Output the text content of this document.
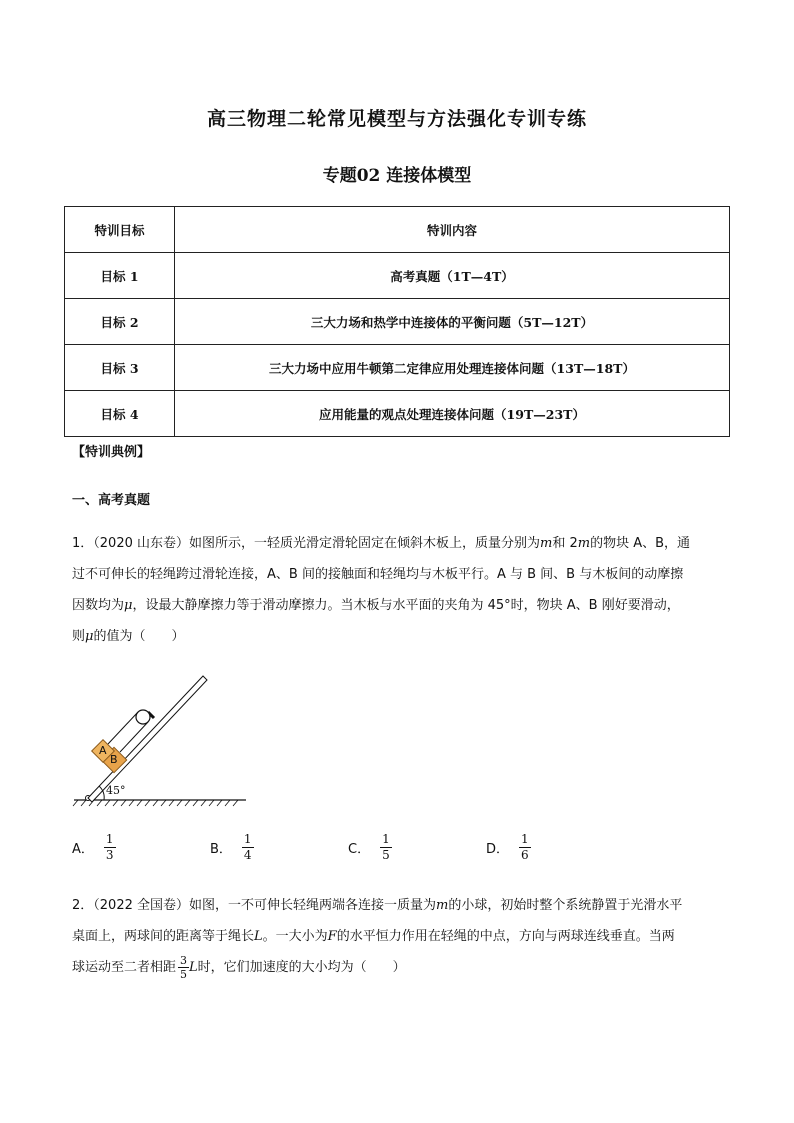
高三物理二轮常见模型与方法强化专训专练
专题02 连接体模型
特训目标	特训内容
目标 1	高考真题（1T—4T）
目标 2	三大力场和热学中连接体的平衡问题（5T—12T）
目标 3	三大力场中应用牛顿第二定律应用处理连接体问题（13T—18T）
目标 4	应用能量的观点处理连接体问题（19T—23T）
【特训典例】
一、高考真题
1．（2020 山东卷）如图所示，一轻质光滑定滑轮固定在倾斜木板上，质量分别为m和 2m的物块 A、B，通
过不可伸长的轻绳跨过滑轮连接，A、B 间的接触面和轻绳均与木板平行。A 与 B 间、B 与木板间的动摩擦
因数均为μ，设最大静摩擦力等于滑动摩擦力。当木板与水平面的夹角为 45°时，物块 A、B 刚好要滑动，
则μ的值为（　　）
A
B
45°
A． $\frac{1}{3}$	B． $\frac{1}{4}$	C． $\frac{1}{5}$	D． $\frac{1}{6}$
2．（2022 全国卷）如图，一不可伸长轻绳两端各连接一质量为m的小球，初始时整个系统静置于光滑水平
桌面上，两球间的距离等于绳长L。一大小为F的水平恒力作用在轻绳的中点，方向与两球连线垂直。当两
球运动至二者相距 $\frac{3}{5}$ L 时，它们加速度的大小均为（　　）
